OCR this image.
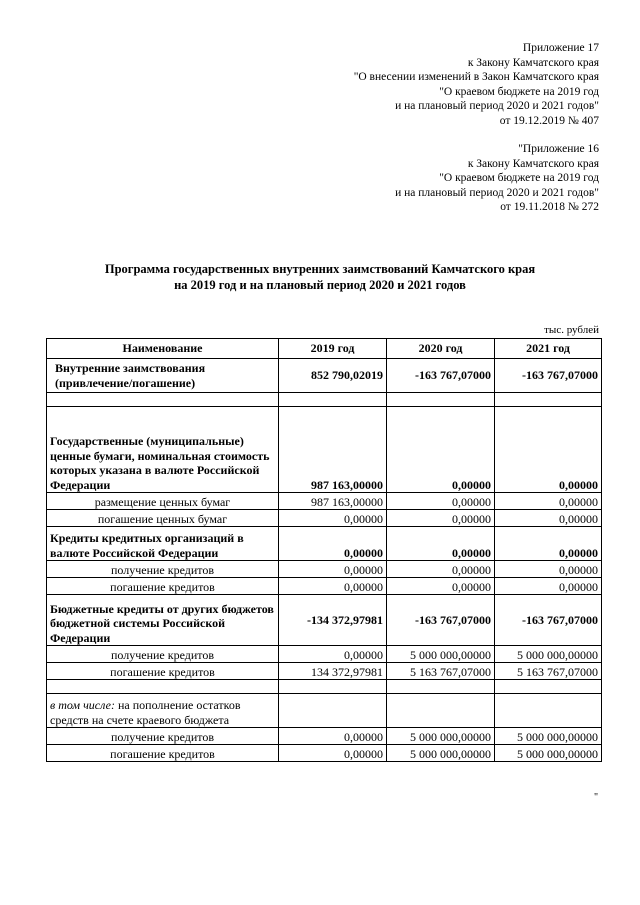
Приложение 17
к Закону Камчатского края
"О внесении изменений в Закон Камчатского края
"О краевом бюджете на 2019 год
и на плановый период 2020 и 2021 годов"
от 19.12.2019 № 407
"Приложение 16
к Закону Камчатского края
"О краевом бюджете на 2019 год
и на плановый период 2020 и 2021 годов"
от 19.11.2018 № 272
Программа государственных внутренних заимствований Камчатского края
на 2019 год и на плановый период 2020 и 2021 годов
тыс. рублей
Наименование	2019 год	2020 год	2021 год
Внутренние заимствования (привлечение/погашение)	852 790,02019	-163 767,07000	-163 767,07000

Государственные (муниципальные) ценные бумаги, номинальная стоимость которых указана в валюте Российской Федерации	987 163,00000	0,00000	0,00000
размещение ценных бумаг	987 163,00000	0,00000	0,00000
погашение ценных бумаг	0,00000	0,00000	0,00000
Кредиты кредитных организаций в валюте Российской Федерации	0,00000	0,00000	0,00000
получение кредитов	0,00000	0,00000	0,00000
погашение кредитов	0,00000	0,00000	0,00000
Бюджетные кредиты от других бюджетов бюджетной системы Российской Федерации	-134 372,97981	-163 767,07000	-163 767,07000
получение кредитов	0,00000	5 000 000,00000	5 000 000,00000
погашение кредитов	134 372,97981	5 163 767,07000	5 163 767,07000

в том числе: на пополнение остатков средств на счете краевого бюджета			
получение кредитов	0,00000	5 000 000,00000	5 000 000,00000
погашение кредитов	0,00000	5 000 000,00000	5 000 000,00000
"
